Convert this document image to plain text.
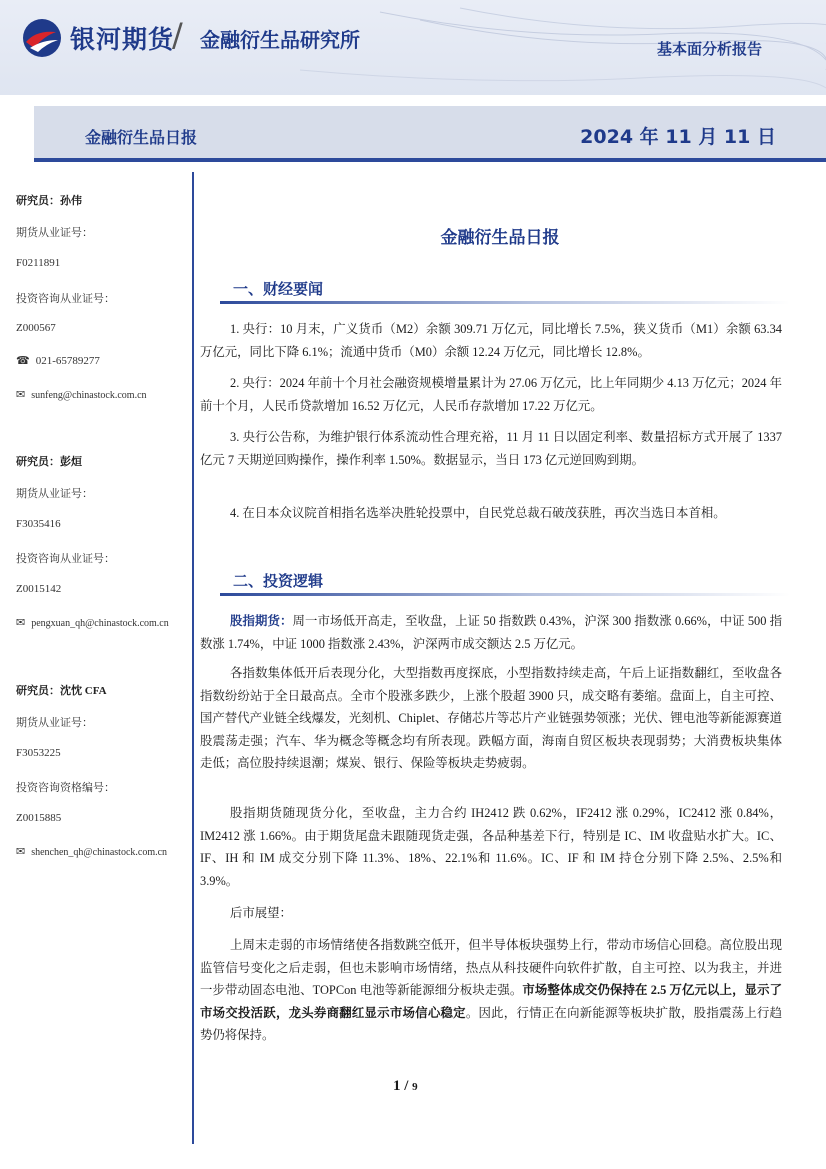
银河期货
/ 金融衍生品研究所	基本面分析报告
金融衍生品日报	2024 年 11 月 11 日
研究员：孙伟
期货从业证号：
F0211891
投资咨询从业证号：
Z000567
☎ 021-65789277
✉ sunfeng@chinastock.com.cn
研究员：彭烜
期货从业证号：
F3035416
投资咨询从业证号：
Z0015142
✉ pengxuan_qh@chinastock.com.cn
研究员：沈忱 CFA
期货从业证号：
F3053225
投资咨询资格编号：
Z0015885
✉ shenchen_qh@chinastock.com.cn
金融衍生品日报
一、财经要闻

1. 央行：10 月末，广义货币（M2）余额 309.71 万亿元，同比增长 7.5%，狭义货币（M1）余额 63.34 万亿元，同比下降 6.1%；流通中货币（M0）余额 12.24 万亿元，同比增长 12.8%。

2. 央行：2024 年前十个月社会融资规模增量累计为 27.06 万亿元，比上年同期少 4.13 万亿元；2024 年前十个月，人民币贷款增加 16.52 万亿元，人民币存款增加 17.22 万亿元。

3. 央行公告称，为维护银行体系流动性合理充裕，11 月 11 日以固定利率、数量招标方式开展了 1337 亿元 7 天期逆回购操作，操作利率 1.50%。数据显示，当日 173 亿元逆回购到期。

4. 在日本众议院首相指名选举决胜轮投票中，自民党总裁石破茂获胜，再次当选日本首相。

二、投资逻辑

股指期货：周一市场低开高走，至收盘，上证 50 指数跌 0.43%，沪深 300 指数涨 0.66%，中证 500 指数涨 1.74%，中证 1000 指数涨 2.43%，沪深两市成交额达 2.5 万亿元。

各指数集体低开后表现分化，大型指数再度探底，小型指数持续走高，午后上证指数翻红，至收盘各指数纷纷站于全日最高点。全市个股涨多跌少，上涨个股超 3900 只，成交略有萎缩。盘面上，自主可控、国产替代产业链全线爆发，光刻机、Chiplet、存储芯片等芯片产业链强势领涨；光伏、锂电池等新能源赛道股震荡走强；汽车、华为概念等概念均有所表现。跌幅方面，海南自贸区板块表现弱势；大消费板块集体走低；高位股持续退潮；煤炭、银行、保险等板块走势疲弱。

股指期货随现货分化，至收盘，主力合约 IH2412 跌 0.62%，IF2412 涨 0.29%，IC2412 涨 0.84%，IM2412 涨 1.66%。由于期货尾盘未跟随现货走强，各品种基差下行，特别是 IC、IM 收盘贴水扩大。IC、IF、IH 和 IM 成交分别下降 11.3%、18%、22.1%和 11.6%。IC、IF 和 IM 持仓分别下降 2.5%、2.5%和 3.9%。

后市展望：

上周末走弱的市场情绪使各指数跳空低开，但半导体板块强势上行，带动市场信心回稳。高位股出现监管信号变化之后走弱，但也未影响市场情绪，热点从科技硬件向软件扩散，自主可控、以为我主，并进一步带动固态电池、TOPCon 电池等新能源细分板块走强。市场整体成交仍保持在 2.5 万亿元以上，显示了市场交投活跃，龙头券商翻红显示市场信心稳定。因此，行情正在向新能源等板块扩散，股指震荡上行趋势仍将保持。

1 / 9
